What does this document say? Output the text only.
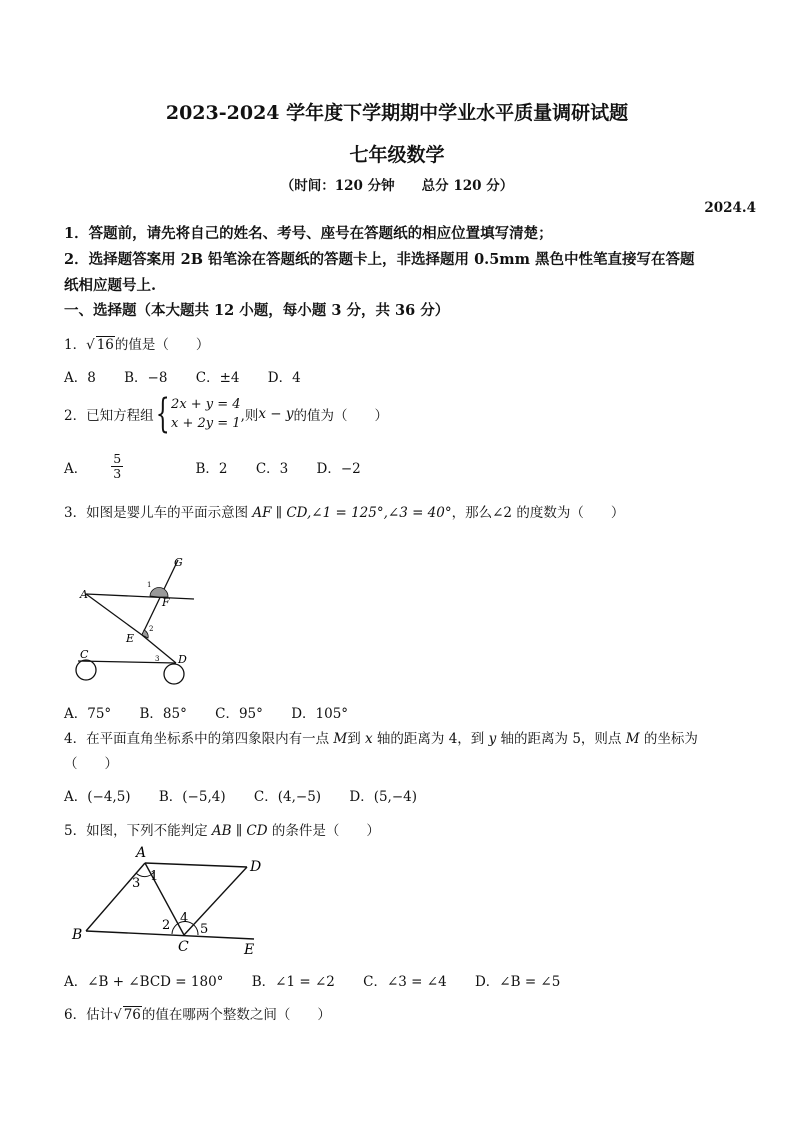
2023-2024 学年度下学期期中学业水平质量调研试题
七年级数学
（时间：120 分钟　　总分 120 分）
2024.4
1．答题前，请先将自己的姓名、考号、座号在答题纸的相应位置填写清楚；
2．选择题答案用 2B 铅笔涂在答题纸的答题卡上，非选择题用 0.5mm 黑色中性笔直接写在答题
纸相应题号上.
一、选择题（本大题共 12 小题，每小题 3 分，共 36 分）
1．√ 16的值是（　　）
A．8 B．−8 C．±4 D．4
2．已知方程组{ 2x + y = 4
x + 2y = 1 ,则x − y的值为（　　）
A． $\frac{5}{3}$	B．2 C．3 D．−2
3．如图是婴儿车的平面示意图 AF ∥ CD,∠1 = 125°,∠3 = 40°，那么∠2 的度数为（　　）
G
A
F
E
C	D
1
2
3
A．75° B．85° C．95° D．105°
4．在平面直角坐标系中的第四象限内有一点 M到 x 轴的距离为 4，到 y 轴的距离为 5，则点 M 的坐标为
（　　）
A．(−4,5) B．(−5,4) C．(4,−5) D．(5,−4)
5．如图，下列不能判定 AB ∥ CD 的条件是（　　）
A
D
B
C	E
3 1
2 4
5
A．∠B + ∠BCD = 180° B．∠1 = ∠2 C．∠3 = ∠4 D．∠B = ∠5
6．估计√ 76的值在哪两个整数之间（　　）
